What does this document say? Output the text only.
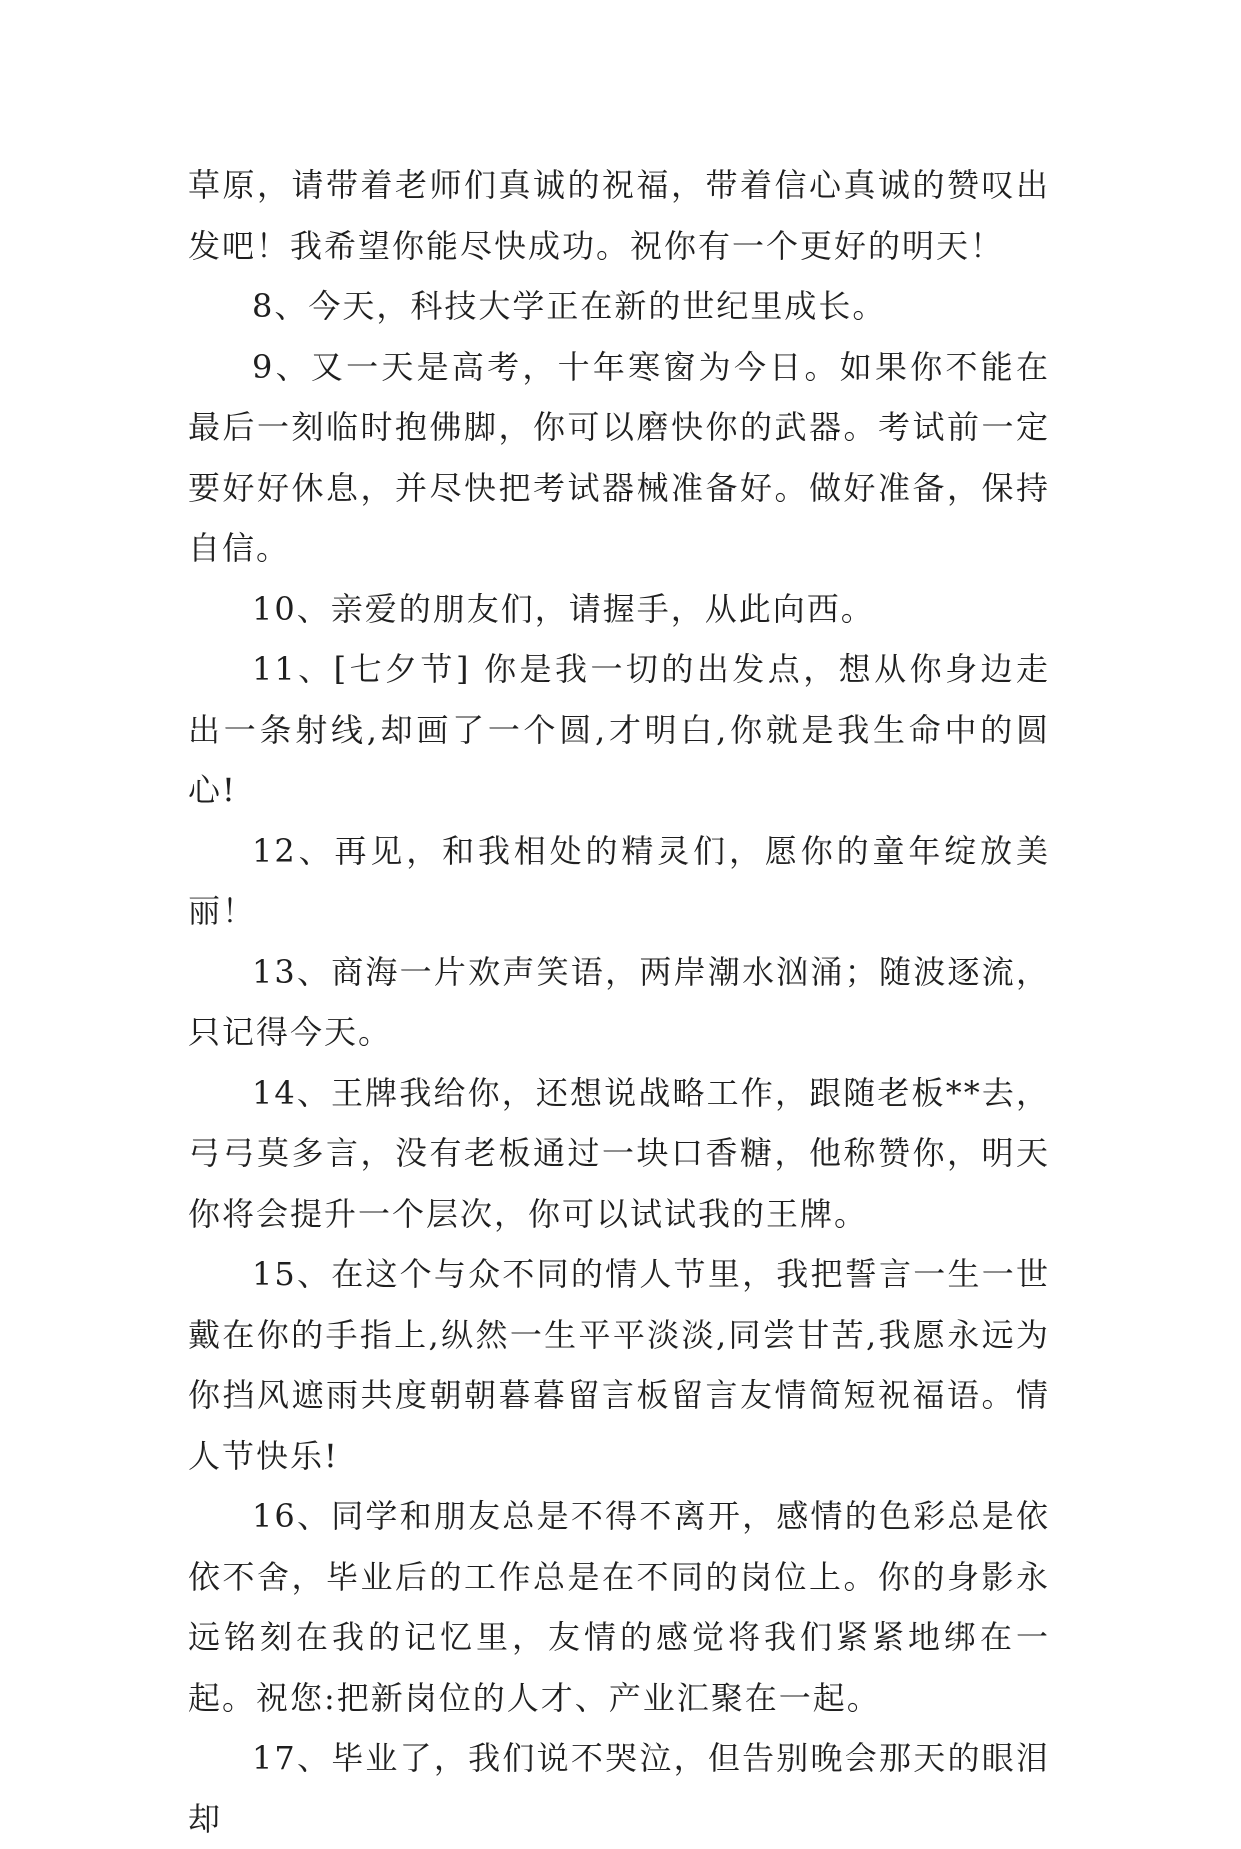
草原，请带着老师们真诚的祝福，带着信心真诚的赞叹出发吧！我希望你能尽快成功。祝你有一个更好的明天！

8、今天，科技大学正在新的世纪里成长。

9、又一天是高考，十年寒窗为今日。如果你不能在最后一刻临时抱佛脚，你可以磨快你的武器。考试前一定要好好休息，并尽快把考试器械准备好。做好准备，保持自信。

10、亲爱的朋友们，请握手，从此向西。

11、[七夕节] 你是我一切的出发点，想从你身边走出一条射线,却画了一个圆,才明白,你就是我生命中的圆心!

12、再见，和我相处的精灵们，愿你的童年绽放美丽！

13、商海一片欢声笑语，两岸潮水汹涌；随波逐流，只记得今天。

14、王牌我给你，还想说战略工作，跟随老板**去，弓弓莫多言，没有老板通过一块口香糖，他称赞你，明天你将会提升一个层次，你可以试试我的王牌。

15、在这个与众不同的情人节里，我把誓言一生一世戴在你的手指上,纵然一生平平淡淡,同尝甘苦,我愿永远为你挡风遮雨共度朝朝暮暮留言板留言友情简短祝福语。情人节快乐!

16、同学和朋友总是不得不离开，感情的色彩总是依依不舍，毕业后的工作总是在不同的岗位上。你的身影永远铭刻在我的记忆里，友情的感觉将我们紧紧地绑在一起。祝您:把新岗位的人才、产业汇聚在一起。

17、毕业了，我们说不哭泣，但告别晚会那天的眼泪却
